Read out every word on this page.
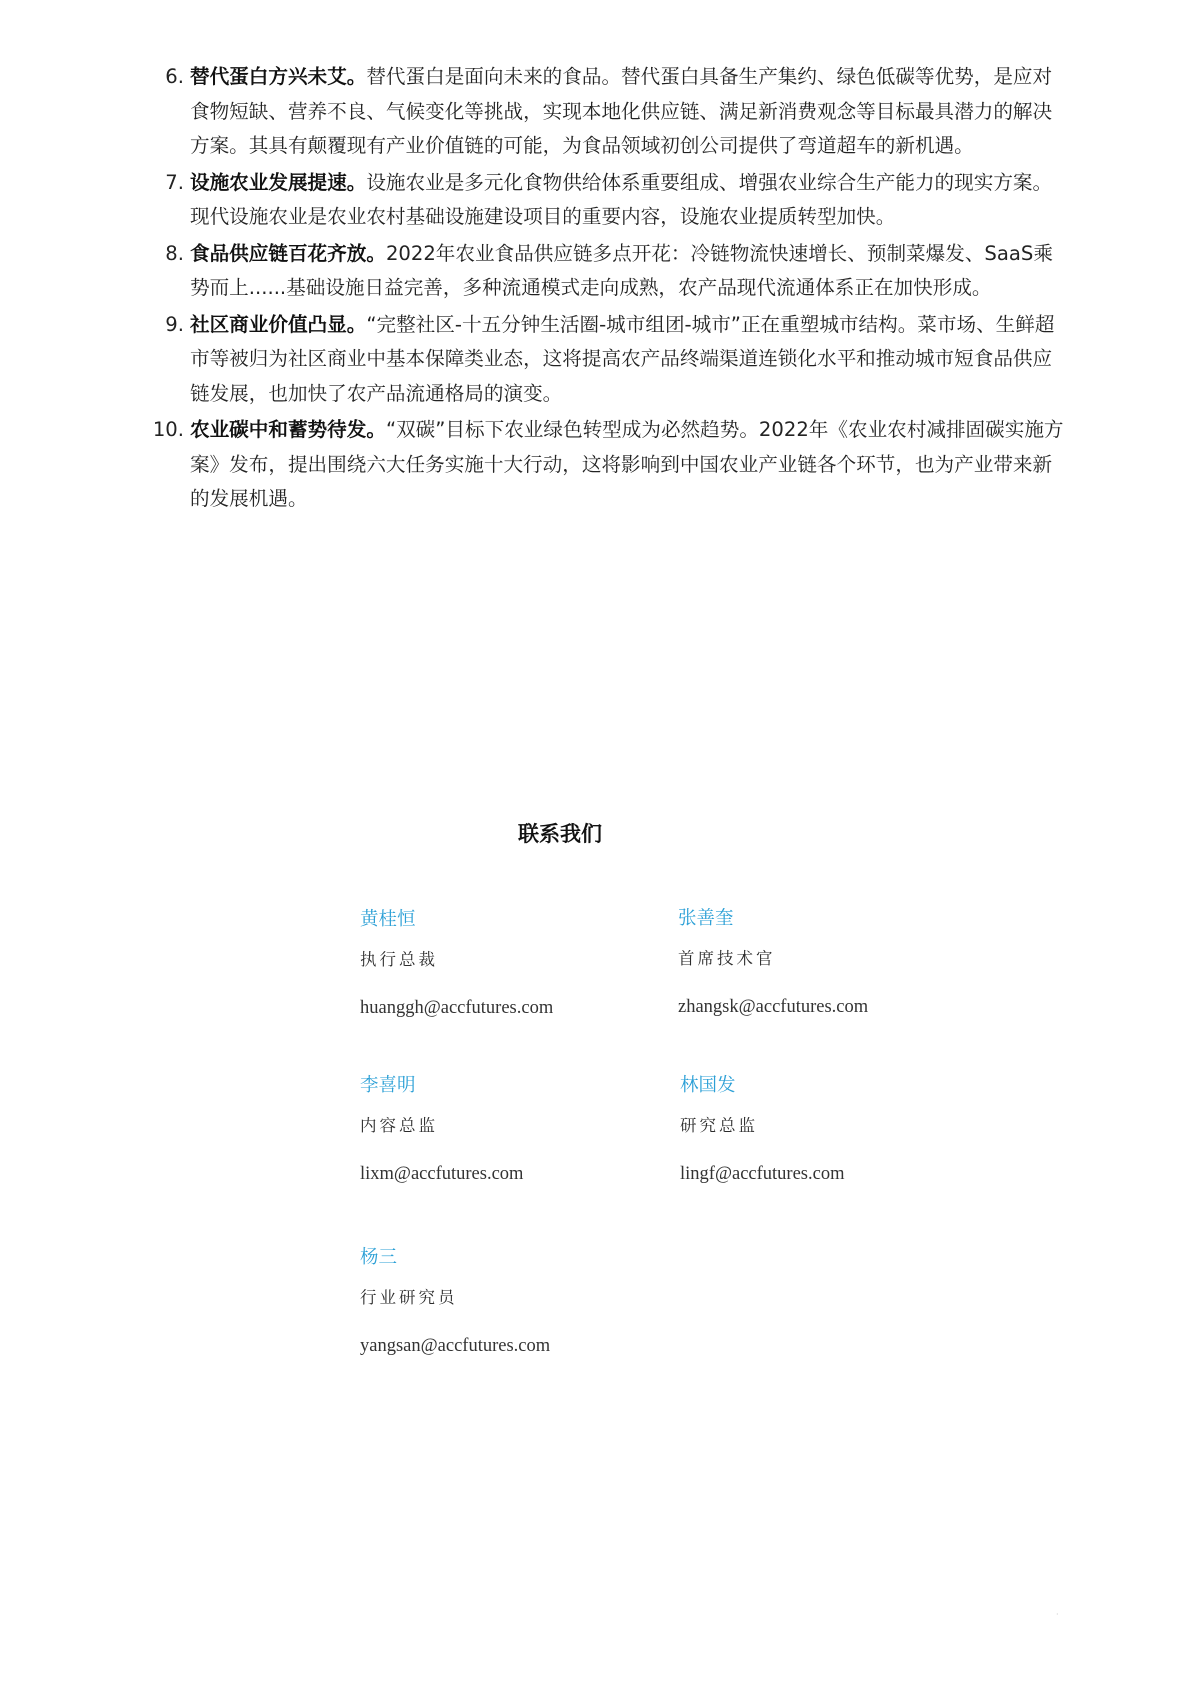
6. 替代蛋白方兴未艾。替代蛋白是面向未来的食品。替代蛋白具备生产集约、绿色低碳等优势，是应对食物短缺、营养不良、气候变化等挑战，实现本地化供应链、满足新消费观念等目标最具潜力的解决方案。其具有颠覆现有产业价值链的可能，为食品领域初创公司提供了弯道超车的新机遇。
7. 设施农业发展提速。设施农业是多元化食物供给体系重要组成、增强农业综合生产能力的现实方案。现代设施农业是农业农村基础设施建设项目的重要内容，设施农业提质转型加快。
8. 食品供应链百花齐放。2022年农业食品供应链多点开花：冷链物流快速增长、预制菜爆发、SaaS乘势而上......基础设施日益完善，多种流通模式走向成熟，农产品现代流通体系正在加快形成。
9. 社区商业价值凸显。“完整社区-十五分钟生活圈-城市组团-城市”正在重塑城市结构。菜市场、生鲜超市等被归为社区商业中基本保障类业态，这将提高农产品终端渠道连锁化水平和推动城市短食品供应链发展，也加快了农产品流通格局的演变。
10. 农业碳中和蓄势待发。“双碳”目标下农业绿色转型成为必然趋势。2022年《农业农村减排固碳实施方案》发布，提出围绕六大任务实施十大行动，这将影响到中国农业产业链各个环节，也为产业带来新的发展机遇。
联系我们
黄桂恒
执行总裁
huanggh@accfutures.com
张善奎
首席技术官
zhangsk@accfutures.com
李喜明
内容总监
lixm@accfutures.com
林国发
研究总监
lingf@accfutures.com
杨三
行业研究员
yangsan@accfutures.com
·
